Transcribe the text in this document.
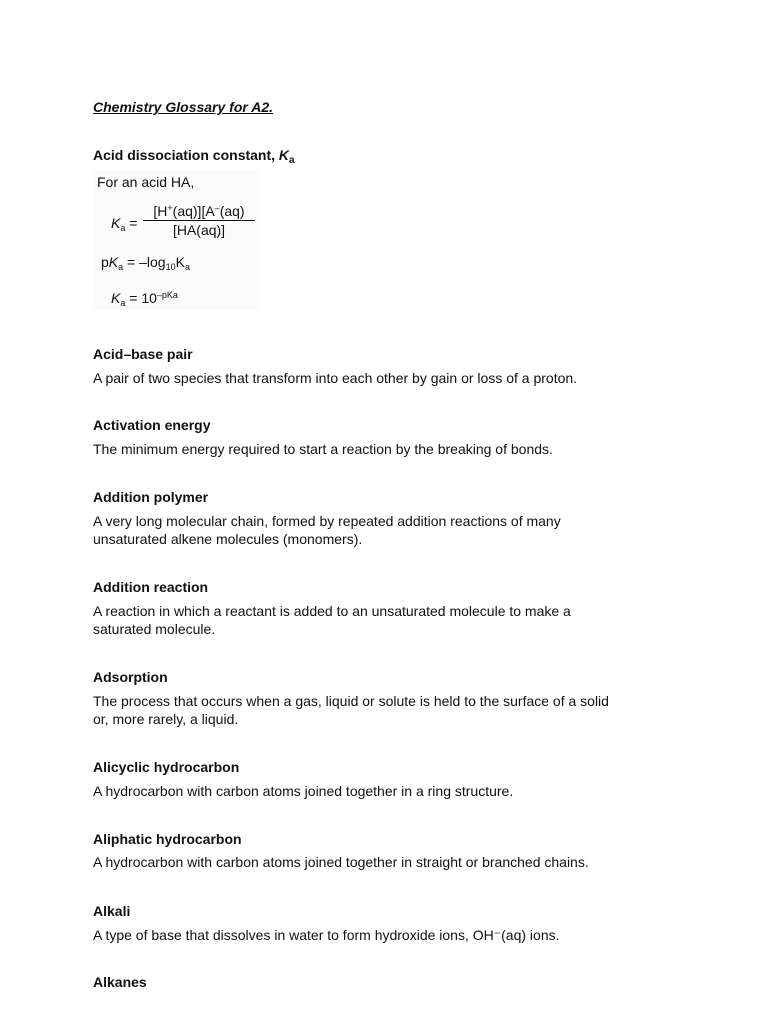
Chemistry Glossary for A2.
Acid dissociation constant, $K_a$
For an acid HA,
$K_a = \frac{[H^+(aq)][A^-(aq)}{[HA(aq)]}$
$pK_a = -\log_{10}K_a$
$K_a = 10^{-pKa}$
Acid–base pair
A pair of two species that transform into each other by gain or loss of a proton.
Activation energy
The minimum energy required to start a reaction by the breaking of bonds.
Addition polymer
A very long molecular chain, formed by repeated addition reactions of many
unsaturated alkene molecules (monomers).
Addition reaction
A reaction in which a reactant is added to an unsaturated molecule to make a
saturated molecule.
Adsorption
The process that occurs when a gas, liquid or solute is held to the surface of a solid
or, more rarely, a liquid.
Alicyclic hydrocarbon
A hydrocarbon with carbon atoms joined together in a ring structure.
Aliphatic hydrocarbon
A hydrocarbon with carbon atoms joined together in straight or branched chains.
Alkali
A type of base that dissolves in water to form hydroxide ions, OH⁻(aq) ions.
Alkanes
